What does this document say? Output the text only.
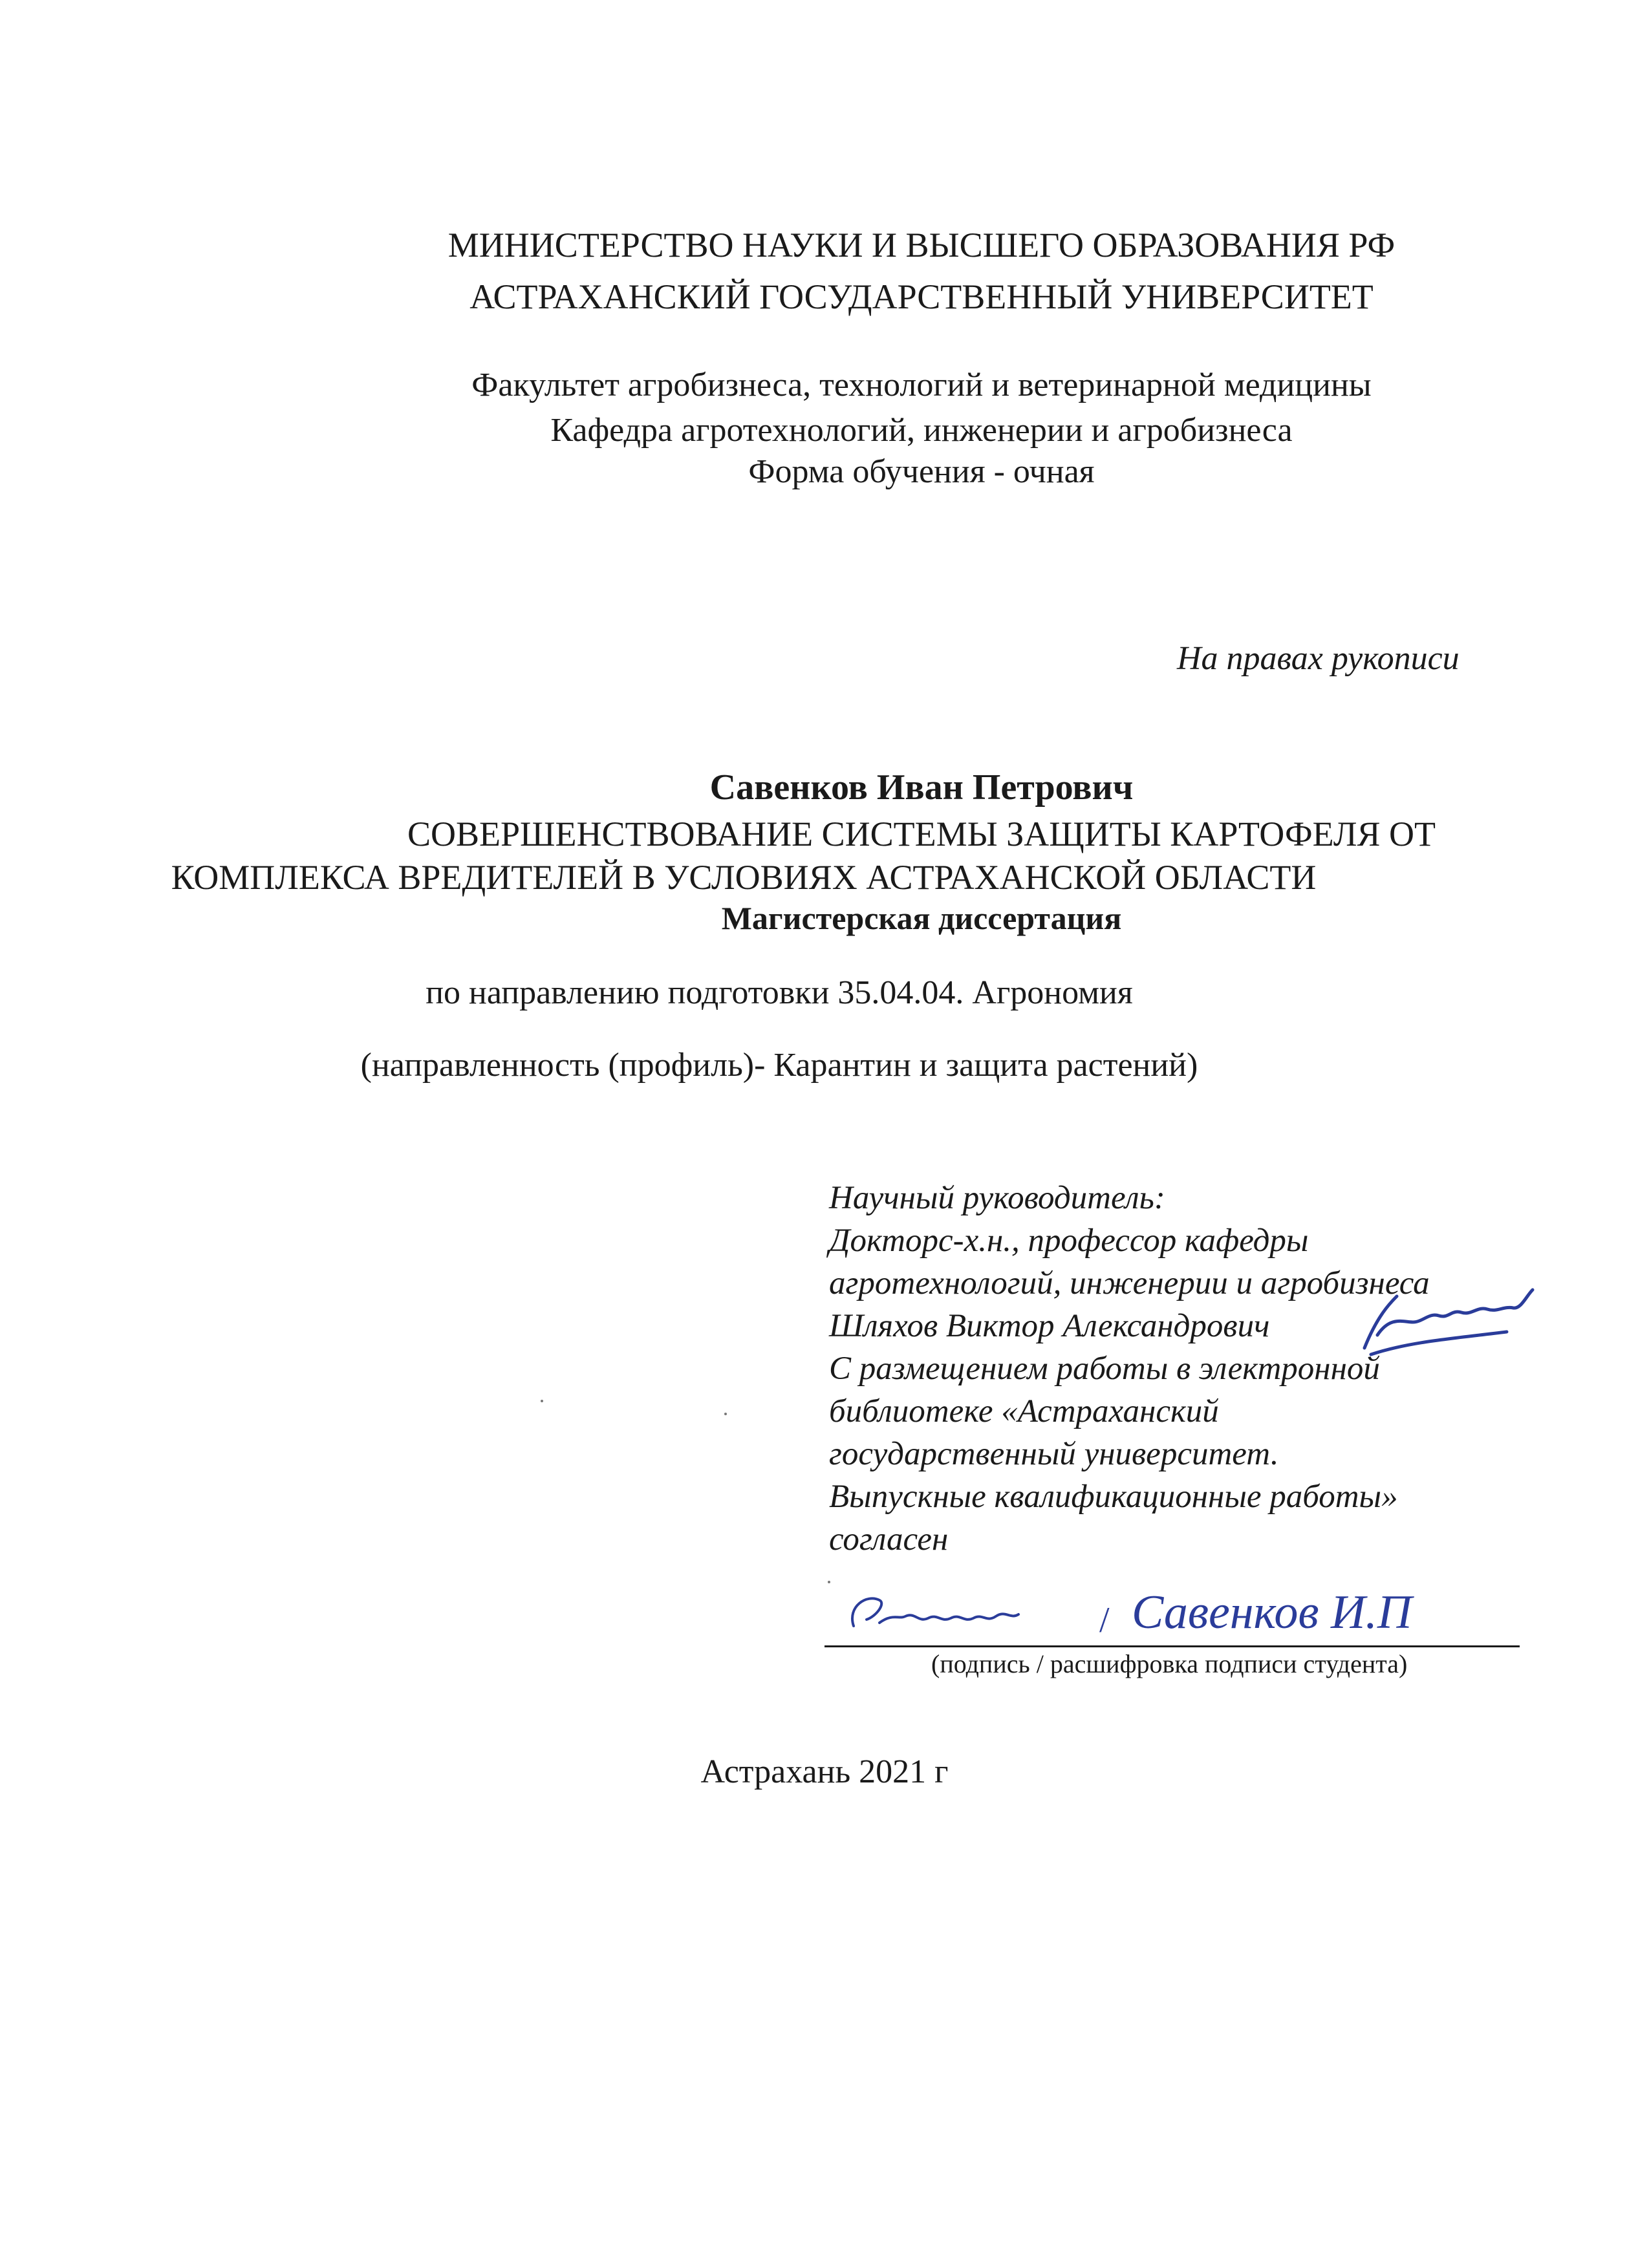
МИНИСТЕРСТВО НАУКИ И ВЫСШЕГО ОБРАЗОВАНИЯ РФ
АСТРАХАНСКИЙ ГОСУДАРСТВЕННЫЙ УНИВЕРСИТЕТ
Факультет агробизнеса, технологий и ветеринарной медицины
Кафедра агротехнологий, инженерии и агробизнеса
Форма обучения - очная
На правах рукописи
Савенков Иван Петрович
СОВЕРШЕНСТВОВАНИЕ СИСТЕМЫ ЗАЩИТЫ КАРТОФЕЛЯ ОТ
КОМПЛЕКСА ВРЕДИТЕЛЕЙ В УСЛОВИЯХ АСТРАХАНСКОЙ ОБЛАСТИ
Магистерская диссертация
по направлению подготовки 35.04.04. Агрономия
(направленность (профиль)- Карантин и защита растений)
Научный руководитель:
Докторс-х.н., профессор кафедры
агротехнологий, инженерии и агробизнеса
Шляхов Виктор Александрович
С размещением работы в электронной
библиотеке «Астраханский
государственный университет.
Выпускные квалификационные работы»
согласен
/ Савенков И.П
(подпись / расшифровка подписи студента)
Астрахань 2021 г
